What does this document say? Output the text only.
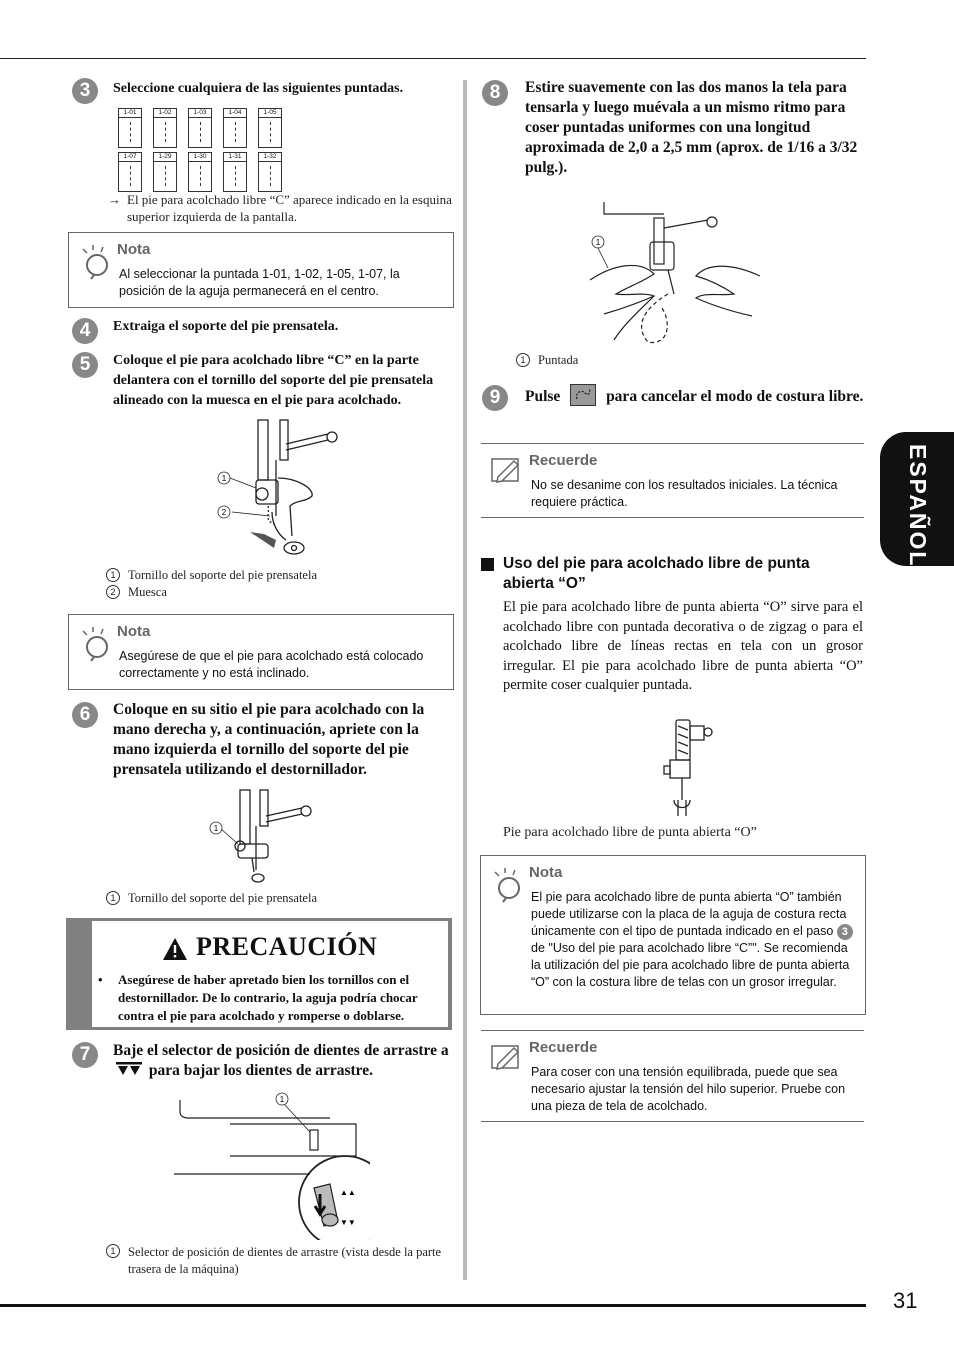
31
ESPAÑOL
3	Seleccione cualquiera de las siguientes puntadas.
1-01	1-02	1-03	1-04	1-05
1-07	1-29	1-30	1-31	1-32
→ El pie para acolchado libre “C” aparece indicado en la esquina superior izquierda de la pantalla.
Nota
Al seleccionar la puntada 1-01, 1-02, 1-05, 1-07, la posición de la aguja permanecerá en el centro.
4	Extraiga el soporte del pie prensatela.
5	Coloque el pie para acolchado libre “C” en la parte delantera con el tornillo del soporte del pie prensatela alineado con la muesca en el pie para acolchado.
1
2
1 Tornillo del soporte del pie prensatela
2 Muesca
Nota
Asegúrese de que el pie para acolchado está colocado correctamente y no está inclinado.
6	Coloque en su sitio el pie para acolchado con la mano derecha y, a continuación, apriete con la mano izquierda el tornillo del soporte del pie prensatela utilizando el destornillador.
1
1 Tornillo del soporte del pie prensatela
PRECAUCIÓN
•	Asegúrese de haber apretado bien los tornillos con el destornillador. De lo contrario, la aguja podría chocar contra el pie para acolchado y romperse o doblarse.
7	Baje el selector de posición de dientes de arrastre a  para bajar los dientes de arrastre.
▲▲
▼▼
1
1	Selector de posición de dientes de arrastre (vista desde la parte trasera de la máquina)
8	Estire suavemente con las dos manos la tela para tensarla y luego muévala a un mismo ritmo para coser puntadas uniformes con una longitud aproximada de 2,0 a 2,5 mm (aprox. de 1/16 a 3/32 pulg.).
1
1 Puntada
9	Pulse	para cancelar el modo de costura libre.
Recuerde
No se desanime con los resultados iniciales. La técnica requiere práctica.
Uso del pie para acolchado libre de punta abierta “O”
El pie para acolchado libre de punta abierta “O” sirve para el acolchado libre con puntada decorativa o de zigzag o para el acolchado libre de líneas rectas en tela con un grosor irregular. El pie para acolchado libre de punta abierta “O” permite coser cualquier puntada.
Pie para acolchado libre de punta abierta “O”
Nota
El pie para acolchado libre de punta abierta “O” también puede utilizarse con la placa de la aguja de costura recta únicamente con el tipo de puntada indicado en el paso 3 de "Uso del pie para acolchado libre “C”". Se recomienda la utilización del pie para acolchado libre de punta abierta “O” con la costura libre de telas con un grosor irregular.
Recuerde
Para coser con una tensión equilibrada, puede que sea necesario ajustar la tensión del hilo superior. Pruebe con una pieza de tela de acolchado.
